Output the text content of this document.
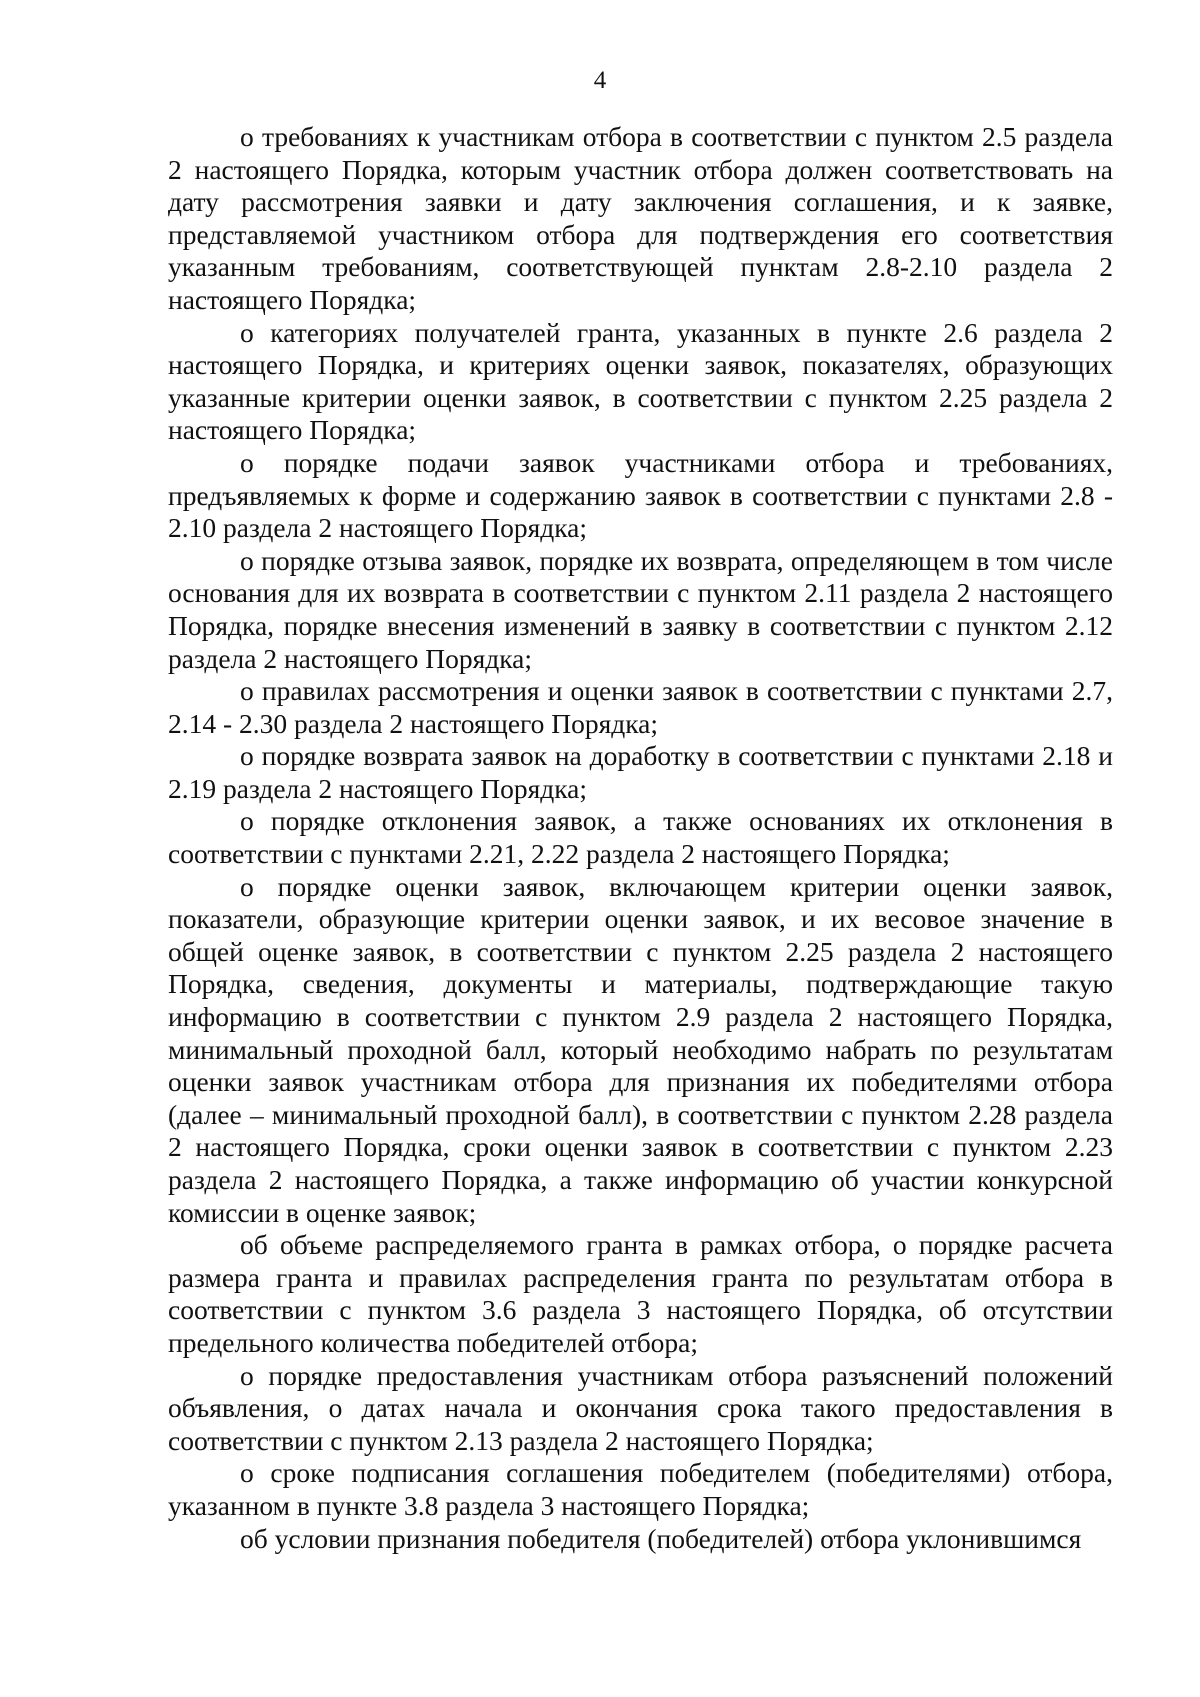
4

о требованиях к участникам отбора в соответствии с пунктом 2.5 раздела 2 настоящего Порядка, которым участник отбора должен соответствовать на дату рассмотрения заявки и дату заключения соглашения, и к заявке, представляемой участником отбора для подтверждения его соответствия указанным требованиям, соответствующей пунктам 2.8-2.10 раздела 2 настоящего Порядка;

о категориях получателей гранта, указанных в пункте 2.6 раздела 2 настоящего Порядка, и критериях оценки заявок, показателях, образующих указанные критерии оценки заявок, в соответствии с пунктом 2.25 раздела 2 настоящего Порядка;

о порядке подачи заявок участниками отбора и требованиях, предъявляемых к форме и содержанию заявок в соответствии с пунктами 2.8 - 2.10 раздела 2 настоящего Порядка;

о порядке отзыва заявок, порядке их возврата, определяющем в том числе основания для их возврата в соответствии с пунктом 2.11 раздела 2 настоящего Порядка, порядке внесения изменений в заявку в соответствии с пунктом 2.12 раздела 2 настоящего Порядка;

о правилах рассмотрения и оценки заявок в соответствии с пунктами 2.7, 2.14 - 2.30 раздела 2 настоящего Порядка;

о порядке возврата заявок на доработку в соответствии с пунктами 2.18 и 2.19 раздела 2 настоящего Порядка;

о порядке отклонения заявок, а также основаниях их отклонения в соответствии с пунктами 2.21, 2.22 раздела 2 настоящего Порядка;

о порядке оценки заявок, включающем критерии оценки заявок, показатели, образующие критерии оценки заявок, и их весовое значение в общей оценке заявок, в соответствии с пунктом 2.25 раздела 2 настоящего Порядка, сведения, документы и материалы, подтверждающие такую информацию в соответствии с пунктом 2.9 раздела 2 настоящего Порядка, минимальный проходной балл, который необходимо набрать по результатам оценки заявок участникам отбора для признания их победителями отбора (далее – минимальный проходной балл), в соответствии с пунктом 2.28 раздела 2 настоящего Порядка, сроки оценки заявок в соответствии с пунктом 2.23 раздела 2 настоящего Порядка, а также информацию об участии конкурсной комиссии в оценке заявок;

об объеме распределяемого гранта в рамках отбора, о порядке расчета размера гранта и правилах распределения гранта по результатам отбора в соответствии с пунктом 3.6 раздела 3 настоящего Порядка, об отсутствии предельного количества победителей отбора;

о порядке предоставления участникам отбора разъяснений положений объявления, о датах начала и окончания срока такого предоставления в соответствии с пунктом 2.13 раздела 2 настоящего Порядка;

о сроке подписания соглашения победителем (победителями) отбора, указанном в пункте 3.8 раздела 3 настоящего Порядка;

об условии признания победителя (победителей) отбора уклонившимся
